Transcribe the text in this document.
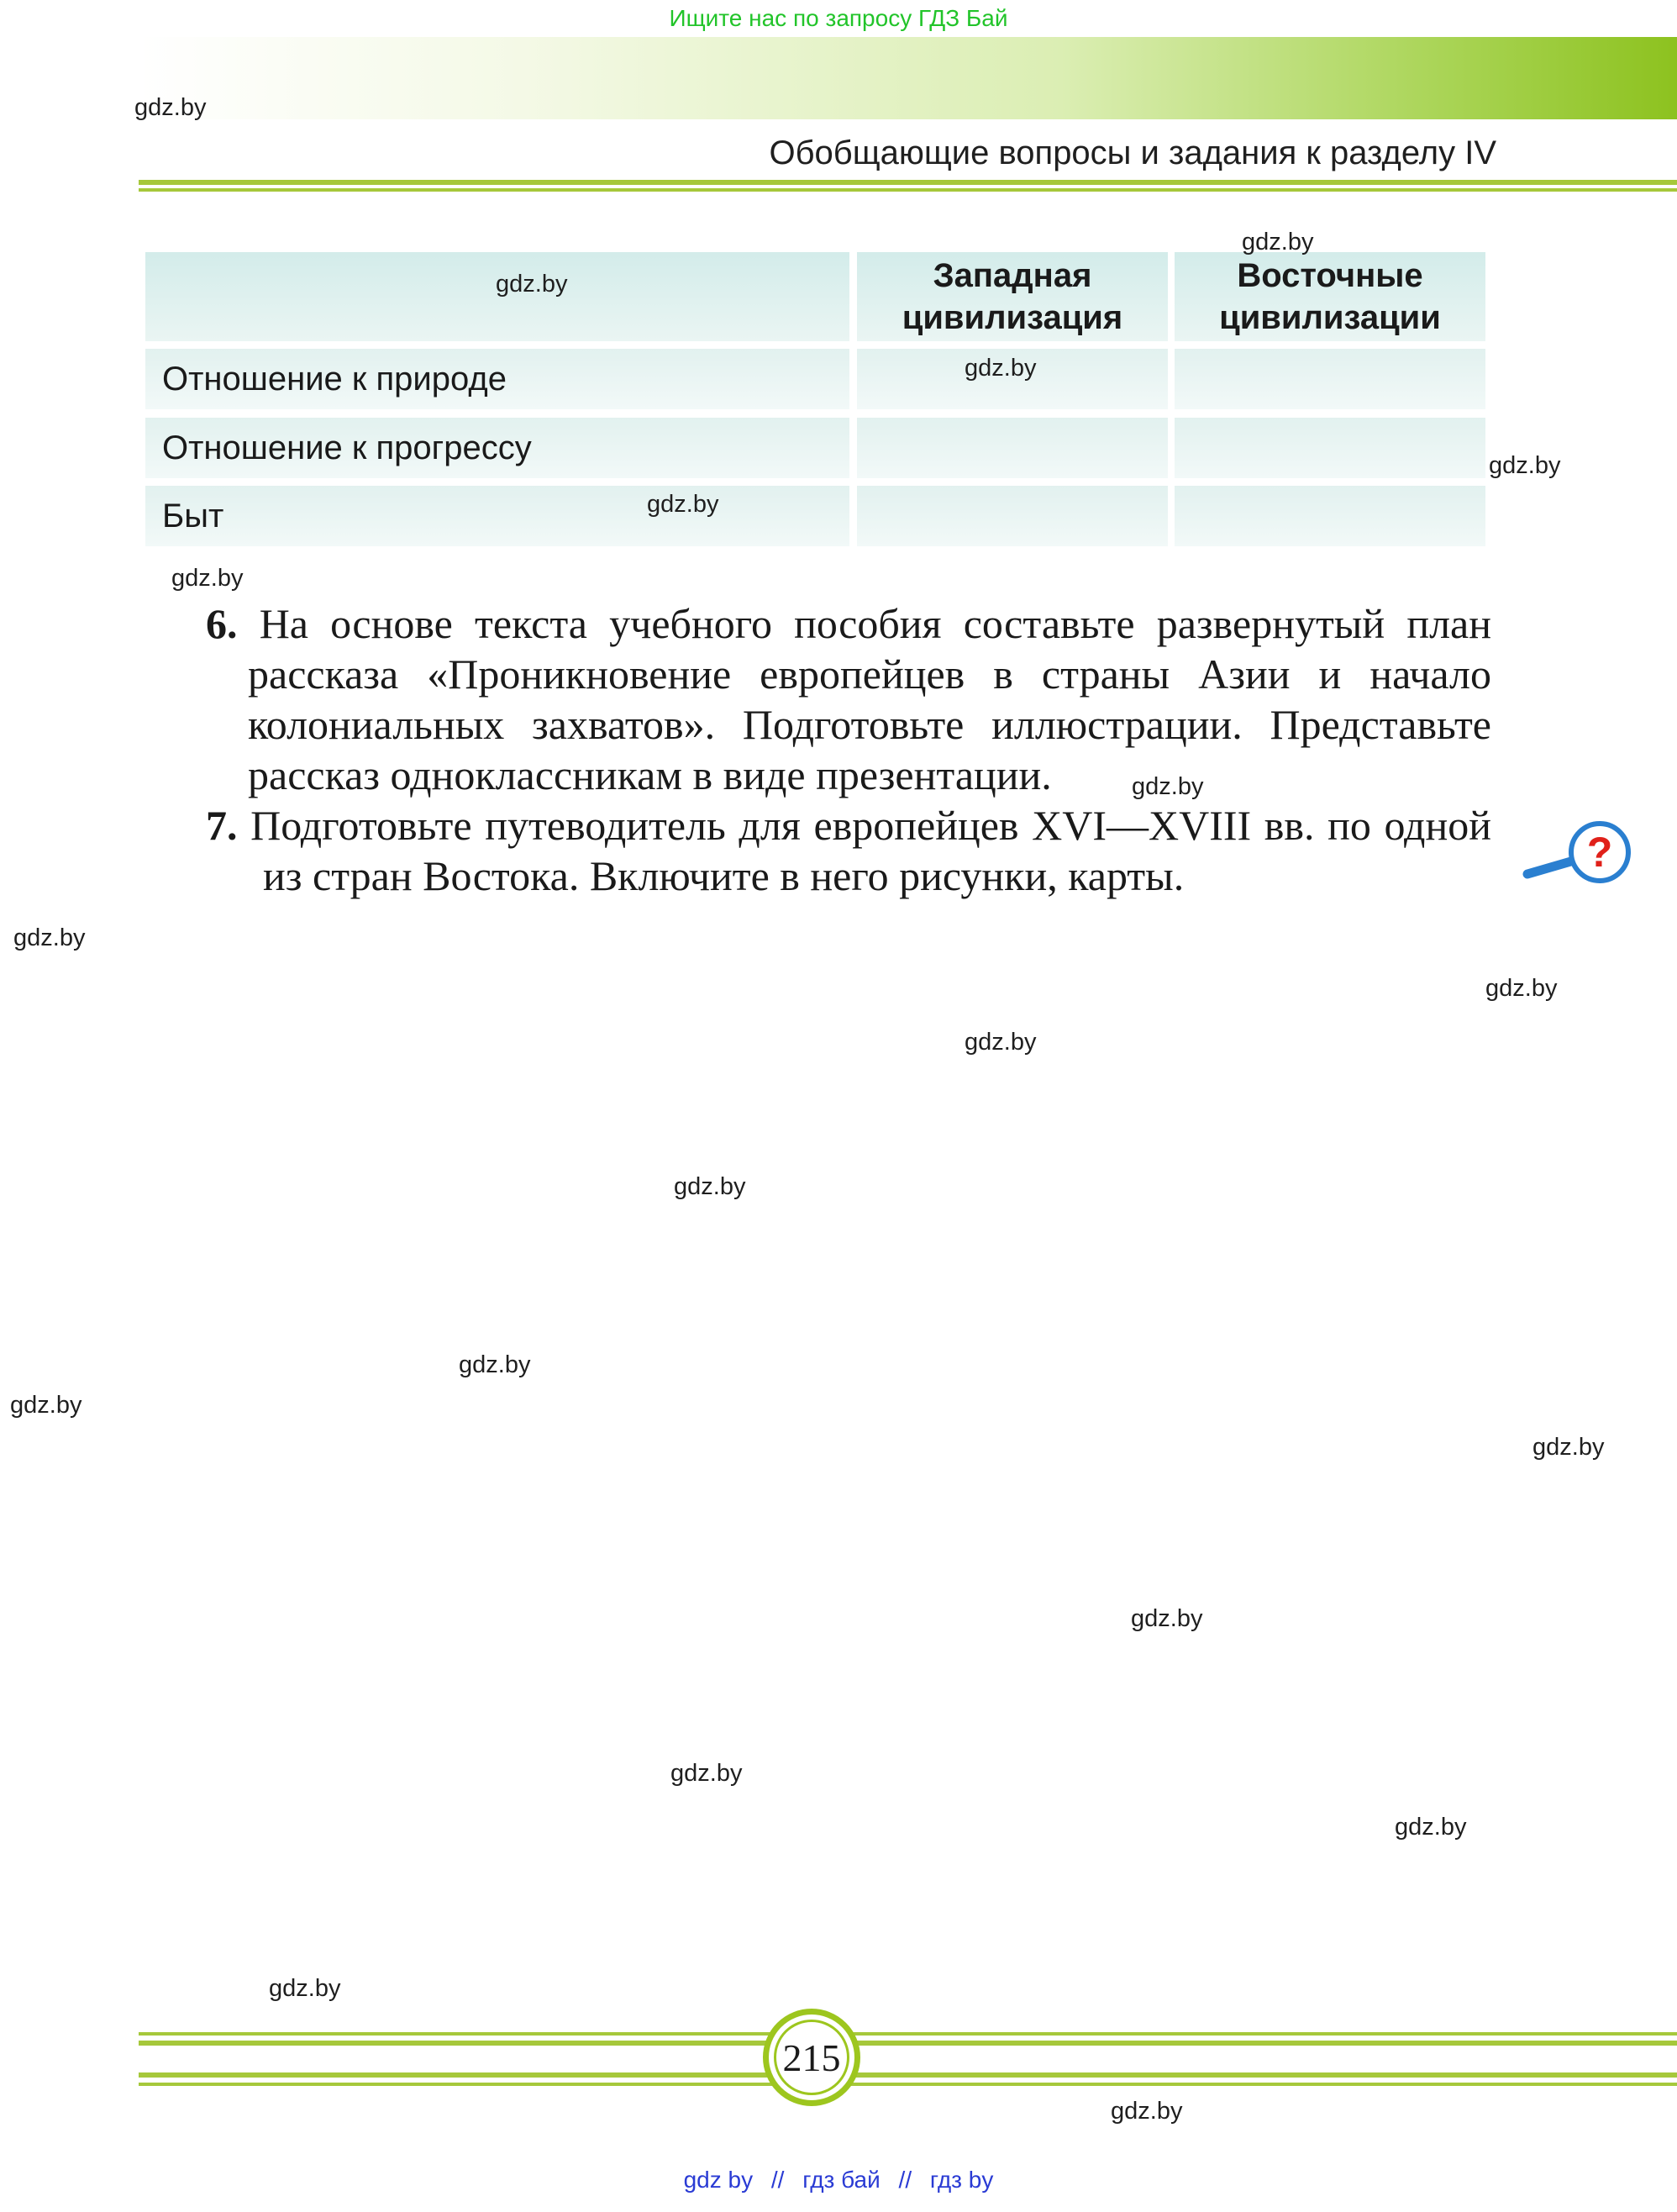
Ищите нас по запросу ГДЗ Бай
Обобщающие вопросы и задания к разделу IV
Западная цивилизация
Восточные цивилизации
Отношение к природе
Отношение к прогрессу
Быт
6. На основе текста учебного пособия составьте развернутый план рассказа «Проникновение европейцев в страны Азии и начало колониальных захватов». Подготовьте иллюстрации. Представьте рассказ одноклассникам в виде презентации.
7. Подготовьте путеводитель для европейцев XVI—XVIII вв. по одной из стран Востока. Включите в него рисунки, карты.	?
gdz.by
gdz.by
gdz.by
gdz.by
gdz.by
gdz.by
gdz.by
gdz.by
gdz.by
gdz.by
gdz.by
gdz.by
gdz.by
gdz.by
gdz.by
gdz.by
gdz.by
gdz.by
gdz.by
gdz.by
215
gdz by // гдз бай // гдз by
